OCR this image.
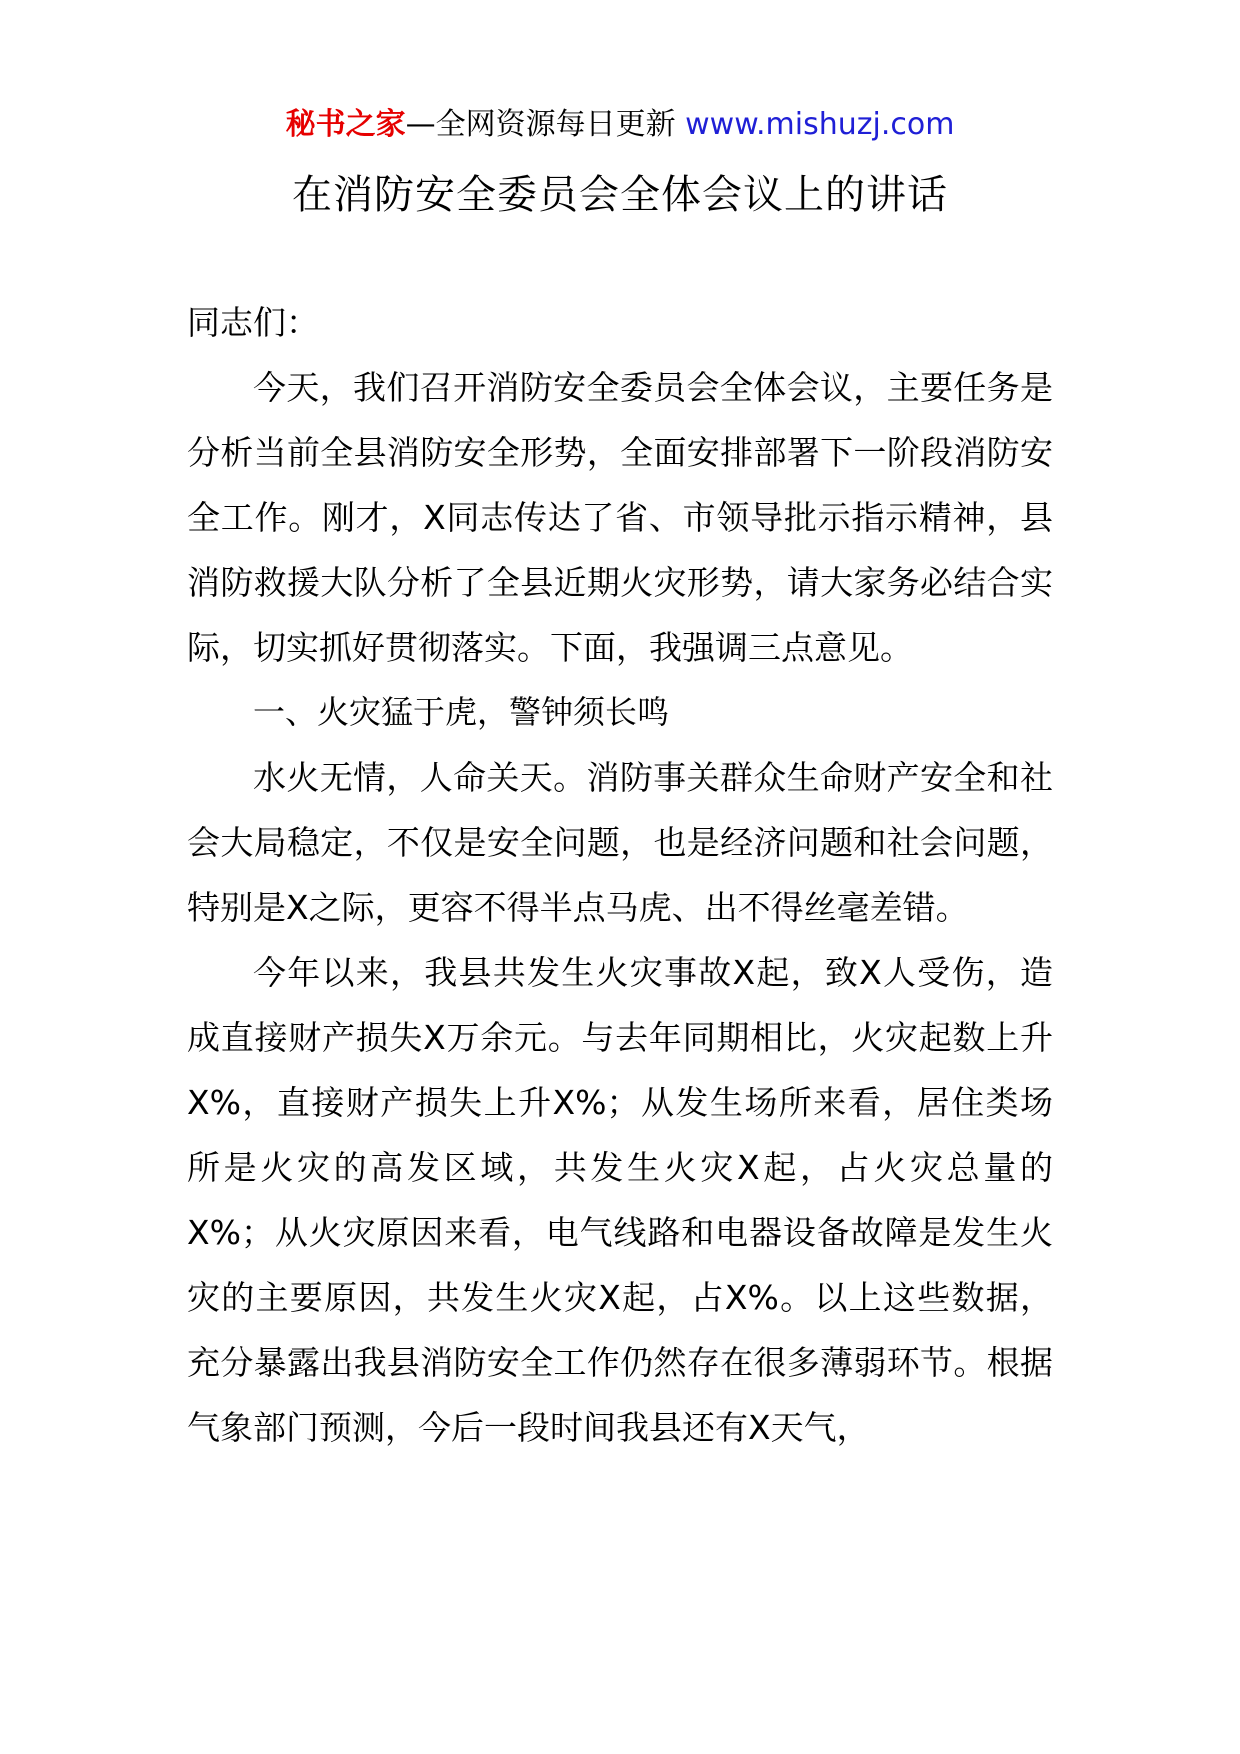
秘书之家—全网资源每日更新 www.mishuzj.com
在消防安全委员会全体会议上的讲话

同志们：

今天，我们召开消防安全委员会全体会议，主要任务是分析当前全县消防安全形势，全面安排部署下一阶段消防安全工作。刚才，X同志传达了省、市领导批示指示精神，县消防救援大队分析了全县近期火灾形势，请大家务必结合实际，切实抓好贯彻落实。下面，我强调三点意见。

一、火灾猛于虎，警钟须长鸣

水火无情，人命关天。消防事关群众生命财产安全和社会大局稳定，不仅是安全问题，也是经济问题和社会问题，特别是X之际，更容不得半点马虎、出不得丝毫差错。

今年以来，我县共发生火灾事故X起，致X人受伤，造成直接财产损失X万余元。与去年同期相比，火灾起数上升X%，直接财产损失上升X%；从发生场所来看，居住类场所是火灾的高发区域，共发生火灾X起，占火灾总量的X%；从火灾原因来看，电气线路和电器设备故障是发生火灾的主要原因，共发生火灾X起，占X%。以上这些数据，充分暴露出我县消防安全工作仍然存在很多薄弱环节。根据气象部门预测，今后一段时间我县还有X天气，
